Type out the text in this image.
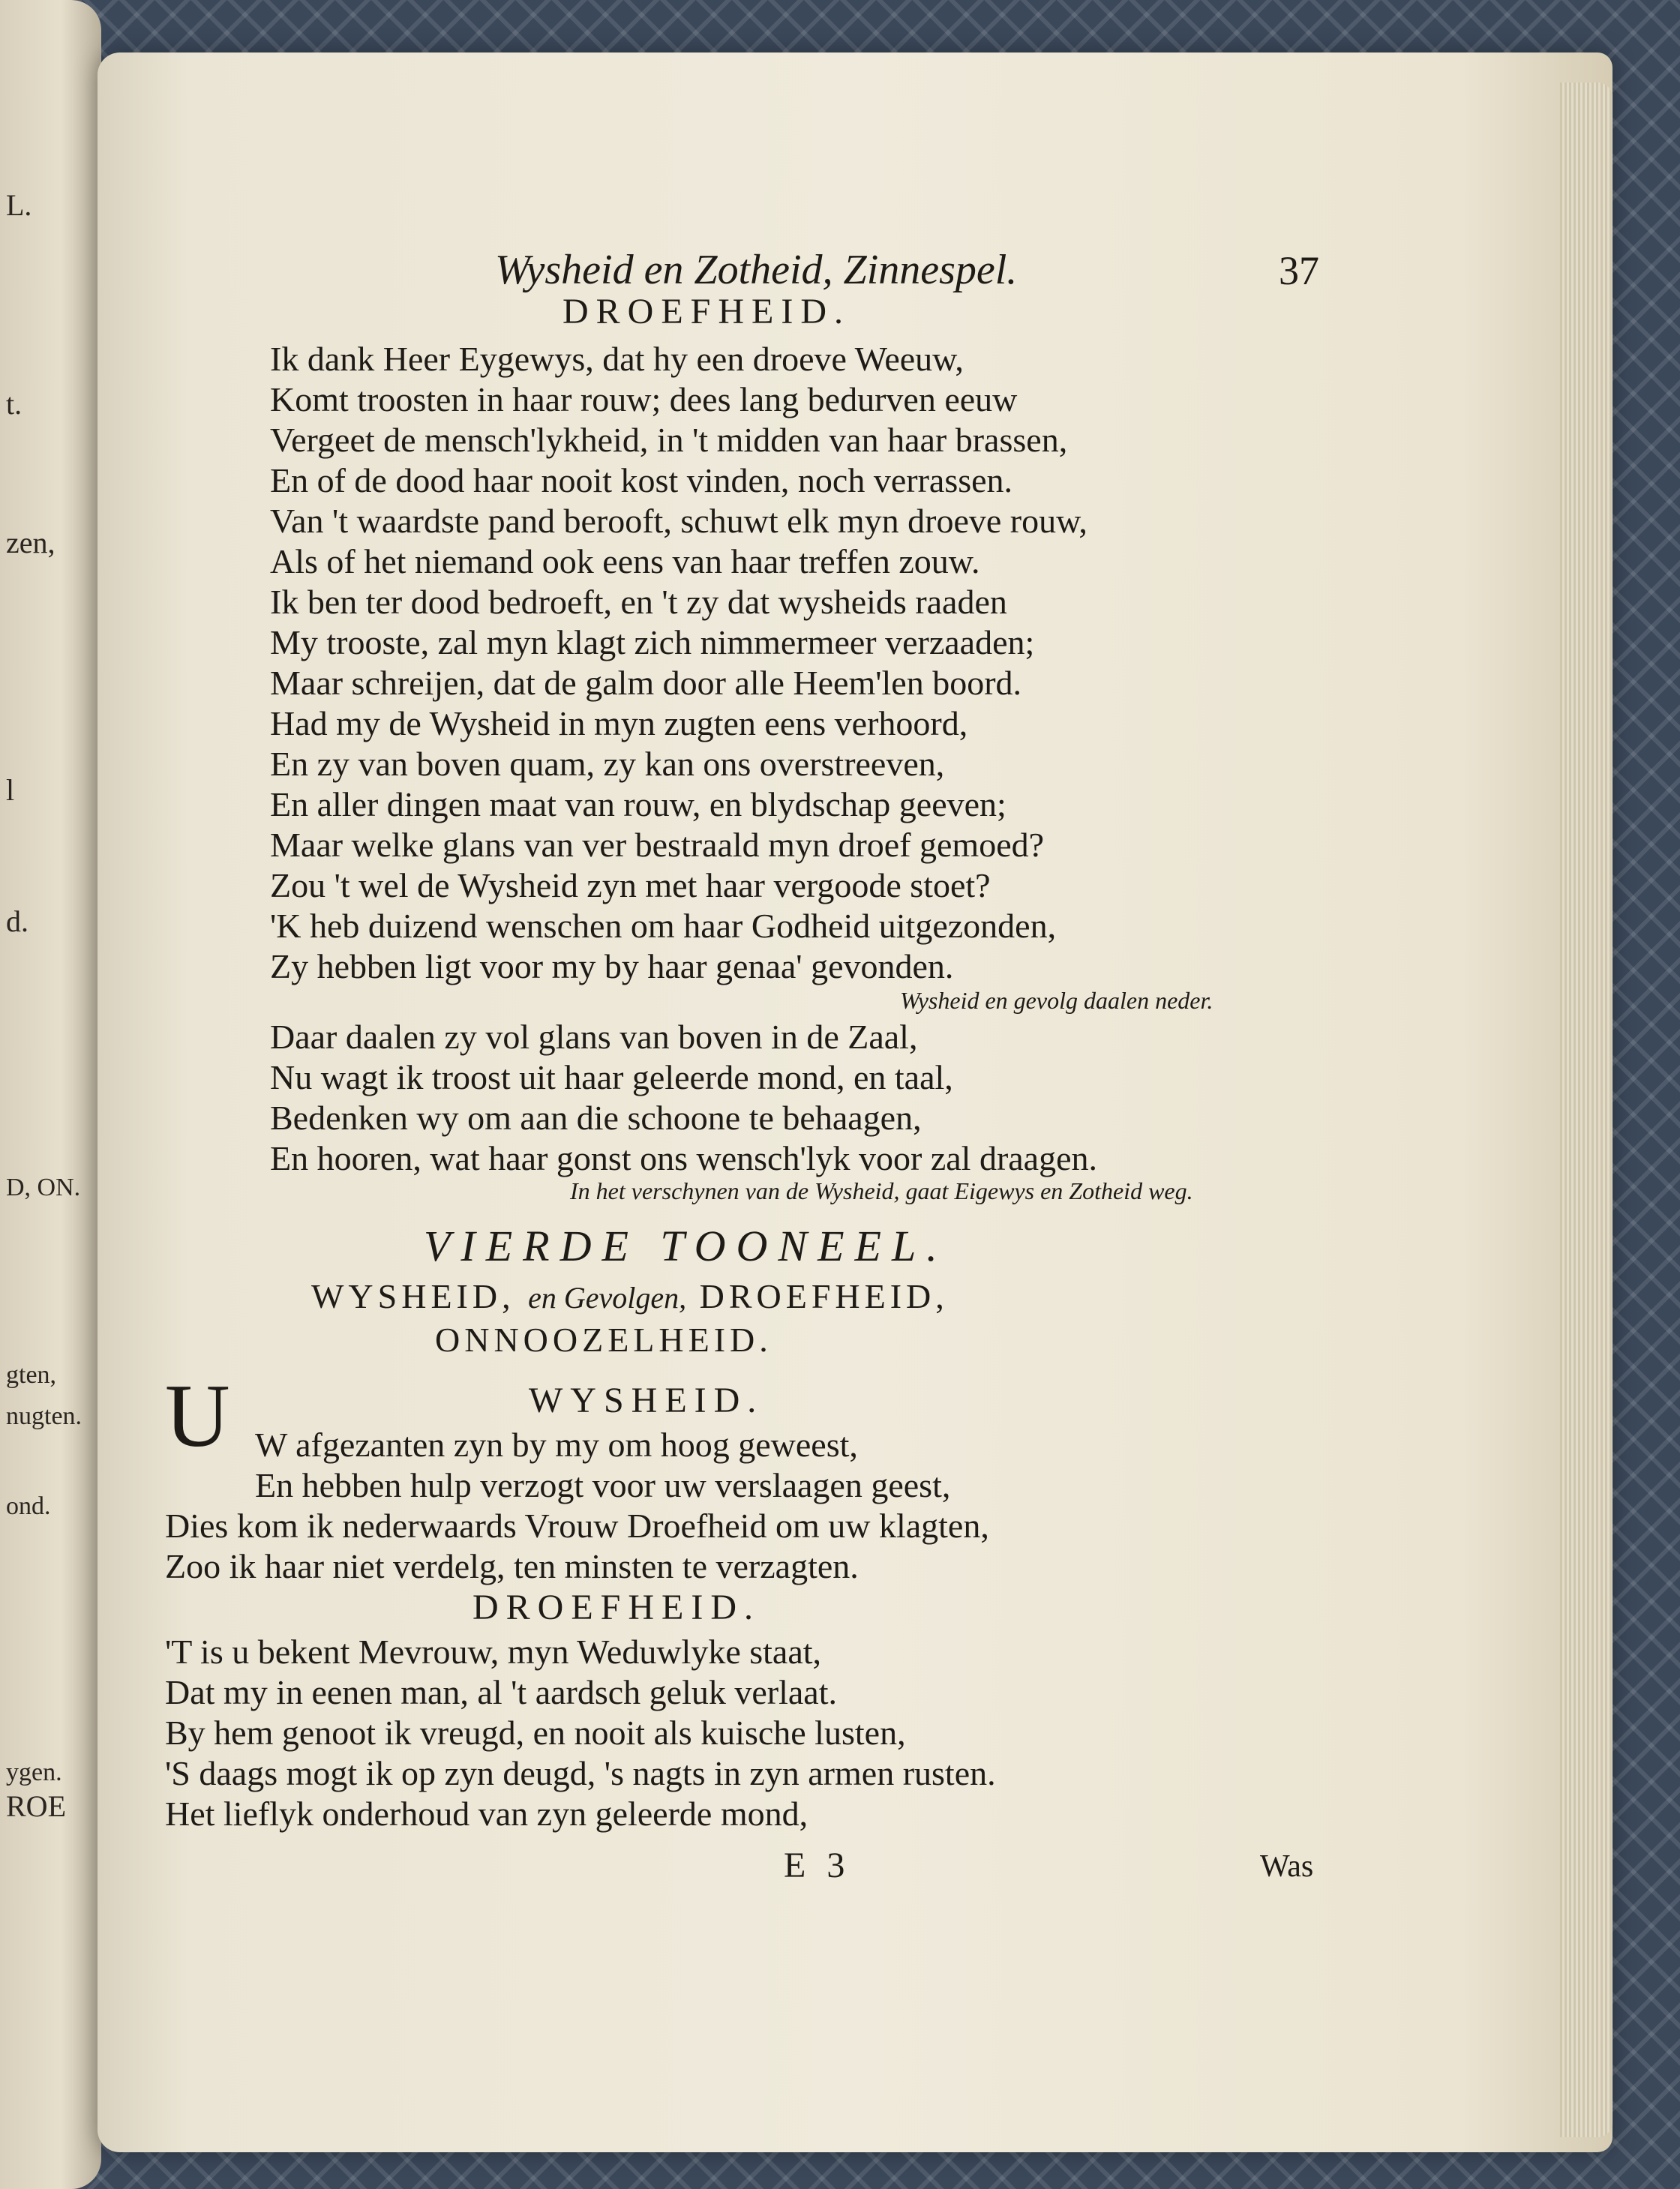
L.
t.
zen,
l
d.
D, ON.
gten,
nugten.
ond.
ygen.
ROE
Wysheid en Zotheid, Zinnespel.	37
DROEFHEID.
Ik dank Heer Eygewys, dat hy een droeve Weeuw,
Komt troosten in haar rouw; dees lang bedurven eeuw
Vergeet de mensch'lykheid, in 't midden van haar brassen,
En of de dood haar nooit kost vinden, noch verrassen.
Van 't waardste pand berooft, schuwt elk myn droeve rouw,
Als of het niemand ook eens van haar treffen zouw.
Ik ben ter dood bedroeft, en 't zy dat wysheids raaden
My trooste, zal myn klagt zich nimmermeer verzaaden;
Maar schreijen, dat de galm door alle Heem'len boord.
Had my de Wysheid in myn zugten eens verhoord,
En zy van boven quam, zy kan ons overstreeven,
En aller dingen maat van rouw, en blydschap geeven;
Maar welke glans van ver bestraald myn droef gemoed?
Zou 't wel de Wysheid zyn met haar vergoode stoet?
'K heb duizend wenschen om haar Godheid uitgezonden,
Zy hebben ligt voor my by haar genaa' gevonden.
Wysheid en gevolg daalen neder.
Daar daalen zy vol glans van boven in de Zaal,
Nu wagt ik troost uit haar geleerde mond, en taal,
Bedenken wy om aan die schoone te behaagen,
En hooren, wat haar gonst ons wensch'lyk voor zal draagen.
In het verschynen van de Wysheid, gaat Eigewys en Zotheid weg.
VIERDE TOONEEL.
WYSHEID, en Gevolgen, DROEFHEID,
ONNOOZELHEID.
WYSHEID.
U W afgezanten zyn by my om hoog geweest,
En hebben hulp verzogt voor uw verslaagen geest,
Dies kom ik nederwaards Vrouw Droefheid om uw klagten,
Zoo ik haar niet verdelg, ten minsten te verzagten.
DROEFHEID.
'T is u bekent Mevrouw, myn Weduwlyke staat,
Dat my in eenen man, al 't aardsch geluk verlaat.
By hem genoot ik vreugd, en nooit als kuische lusten,
'S daags mogt ik op zyn deugd, 's nagts in zyn armen rusten.
Het lieflyk onderhoud van zyn geleerde mond,
E 3	Was
